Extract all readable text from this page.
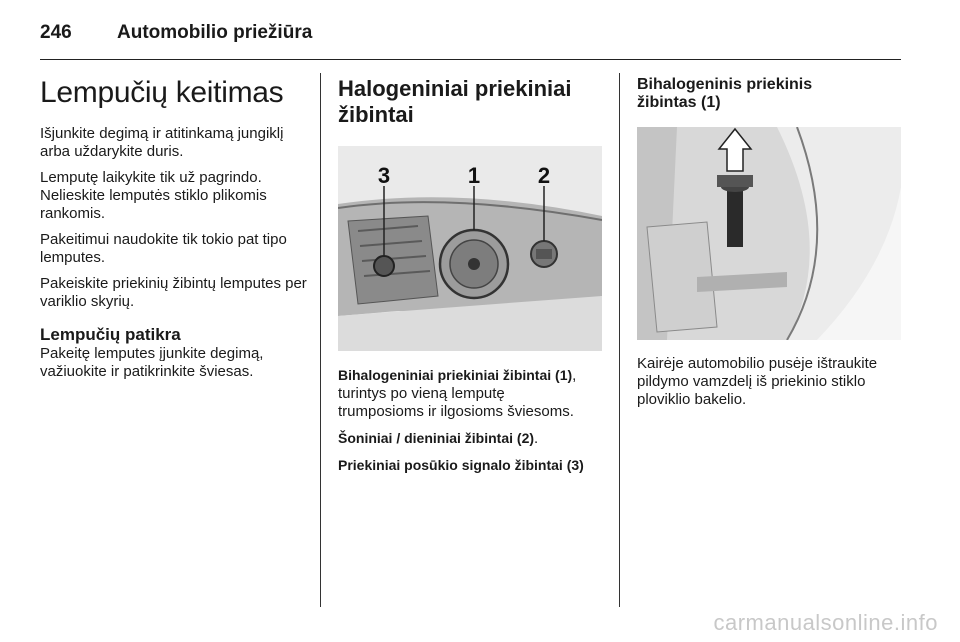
246 Automobilio priežiūra
Lempučių keitimas

Išjunkite degimą ir atitinkamą jungiklį arba uždarykite duris.

Lemputę laikykite tik už pagrindo. Nelieskite lemputės stiklo plikomis rankomis.

Pakeitimui naudokite tik tokio pat tipo lemputes.

Pakeiskite priekinių žibintų lemputes per variklio skyrių.

Lempučių patikra

Pakeitę lemputes įjunkite degimą, važiuokite ir patikrinkite šviesas.

Halogeniniai priekiniai
žibintai
3	1	2

Bihalogeniniai priekiniai žibintai (1),
turintys po vieną lemputę
trumposioms ir ilgosioms šviesoms.

Šoniniai / dieniniai žibintai (2).

Priekiniai posūkio signalo žibintai (3)

Bihalogeninis priekinis
žibintas (1)

Kairėje automobilio pusėje ištraukite pildymo vamzdelį iš priekinio stiklo ploviklio bakelio.

carmanualsonline.info
